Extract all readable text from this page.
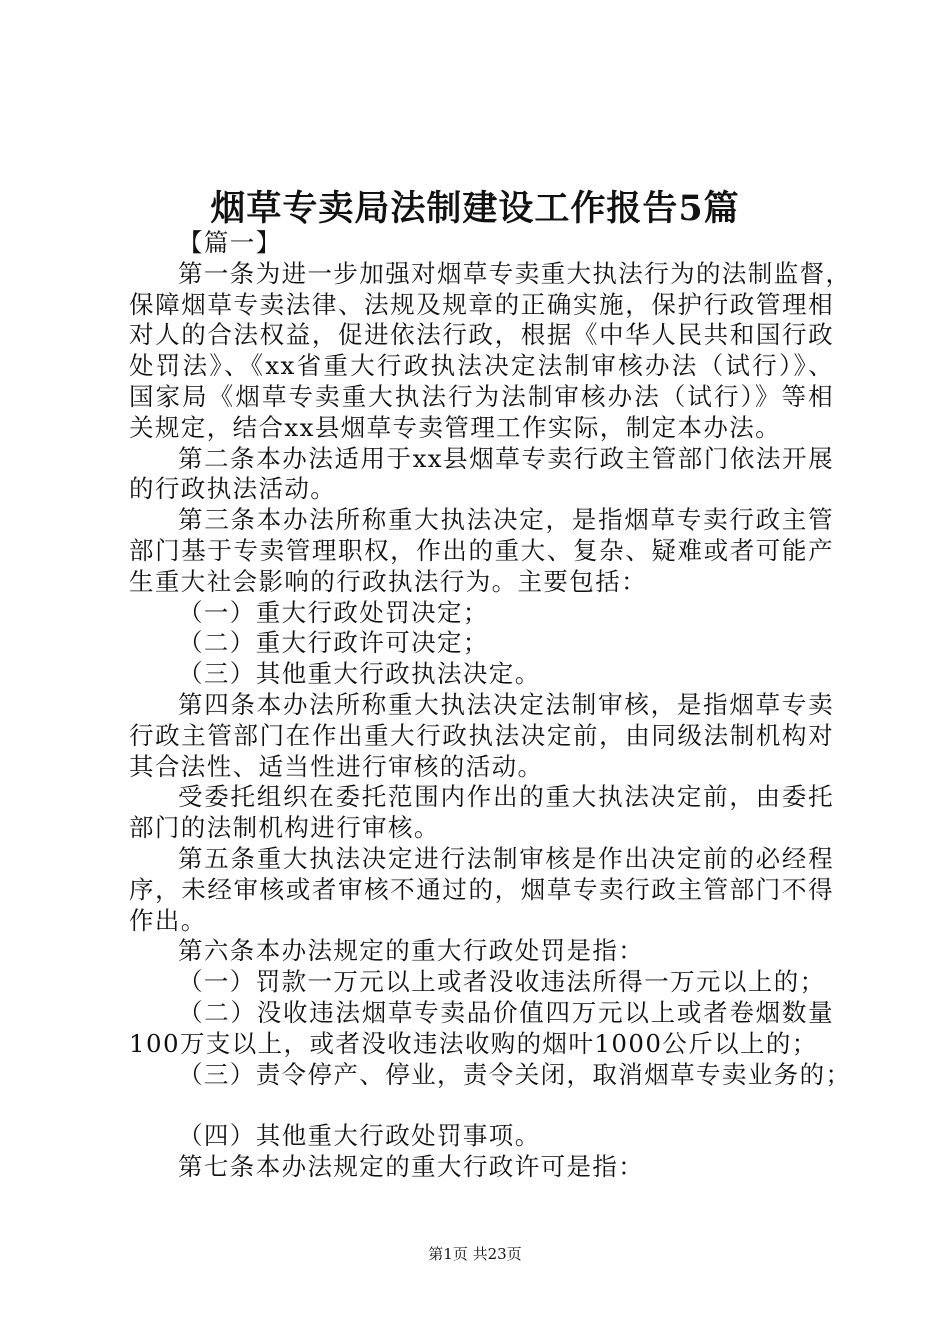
烟草专卖局法制建设工作报告5篇
【篇一】
第一条为进一步加强对烟草专卖重大执法行为的法制监督，
保障烟草专卖法律、法规及规章的正确实施，保护行政管理相
对人的合法权益，促进依法行政，根据《中华人民共和国行政
处罚法》、《xx省重大行政执法决定法制审核办法（试行）》、
国家局《烟草专卖重大执法行为法制审核办法（试行）》等相
关规定，结合xx县烟草专卖管理工作实际，制定本办法。
第二条本办法适用于xx县烟草专卖行政主管部门依法开展
的行政执法活动。
第三条本办法所称重大执法决定，是指烟草专卖行政主管
部门基于专卖管理职权，作出的重大、复杂、疑难或者可能产
生重大社会影响的行政执法行为。主要包括：
（一）重大行政处罚决定；
（二）重大行政许可决定；
（三）其他重大行政执法决定。
第四条本办法所称重大执法决定法制审核，是指烟草专卖
行政主管部门在作出重大行政执法决定前，由同级法制机构对
其合法性、适当性进行审核的活动。
受委托组织在委托范围内作出的重大执法决定前，由委托
部门的法制机构进行审核。
第五条重大执法决定进行法制审核是作出决定前的必经程
序，未经审核或者审核不通过的，烟草专卖行政主管部门不得
作出。
第六条本办法规定的重大行政处罚是指：
（一）罚款一万元以上或者没收违法所得一万元以上的；
（二）没收违法烟草专卖品价值四万元以上或者卷烟数量
100万支以上，或者没收违法收购的烟叶1000公斤以上的；
（三）责令停产、停业，责令关闭，取消烟草专卖业务的；
（四）其他重大行政处罚事项。
第七条本办法规定的重大行政许可是指：
第1页 共23页
